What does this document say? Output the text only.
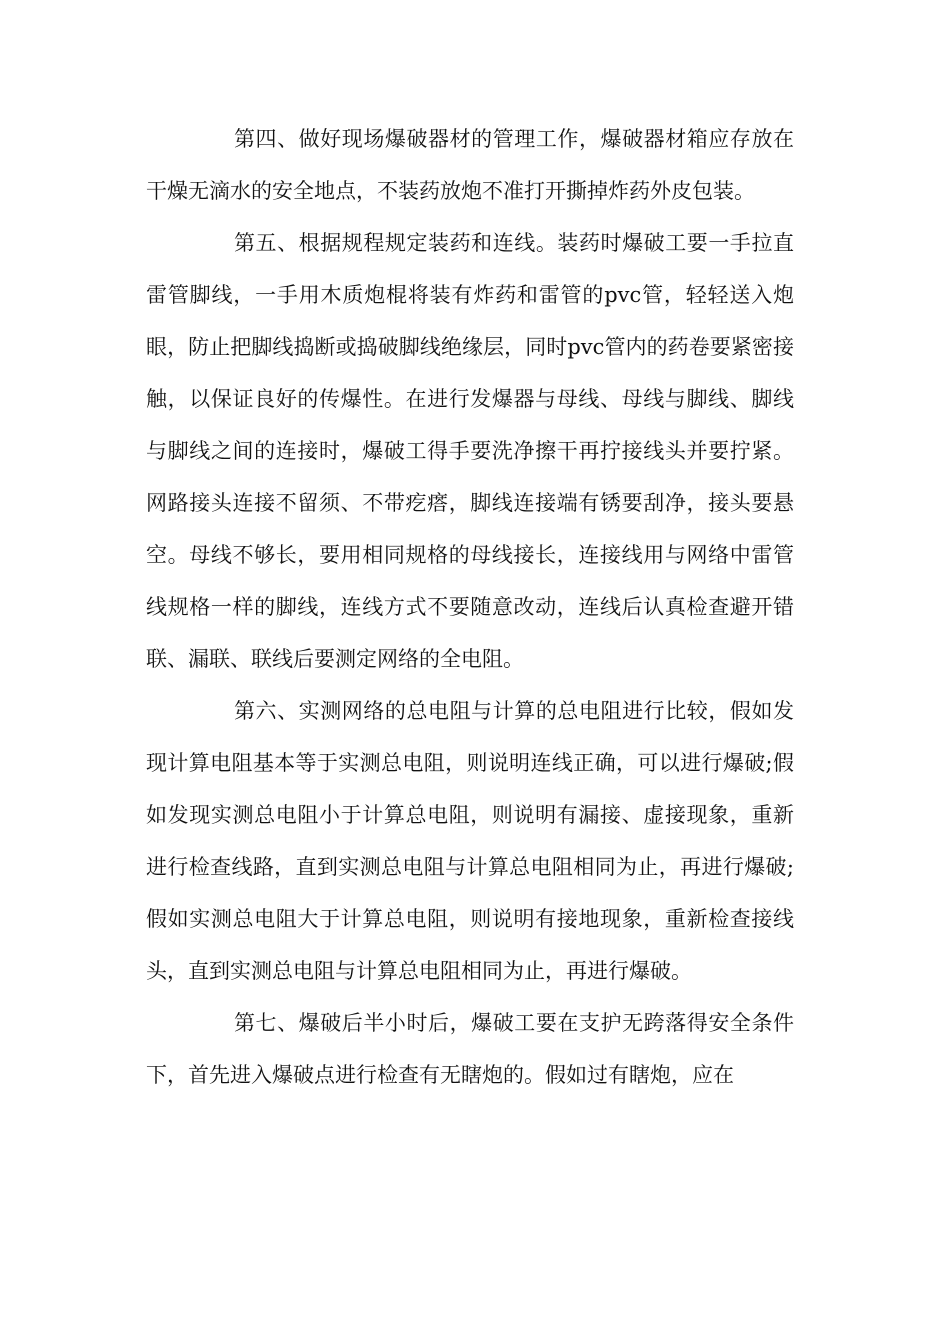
第四、做好现场爆破器材的管理工作，爆破器材箱应存放在干燥无滴水的安全地点，不装药放炮不准打开撕掉炸药外皮包装。

第五、根据规程规定装药和连线。装药时爆破工要一手拉直雷管脚线，一手用木质炮棍将装有炸药和雷管的pvc管，轻轻送入炮眼，防止把脚线捣断或捣破脚线绝缘层，同时pvc管内的药卷要紧密接触，以保证良好的传爆性。在进行发爆器与母线、母线与脚线、脚线与脚线之间的连接时，爆破工得手要洗净擦干再拧接线头并要拧紧。网路接头连接不留须、不带疙瘩，脚线连接端有锈要刮净，接头要悬空。母线不够长，要用相同规格的母线接长，连接线用与网络中雷管线规格一样的脚线，连线方式不要随意改动，连线后认真检查避开错联、漏联、联线后要测定网络的全电阻。

第六、实测网络的总电阻与计算的总电阻进行比较，假如发现计算电阻基本等于实测总电阻，则说明连线正确，可以进行爆破;假如发现实测总电阻小于计算总电阻，则说明有漏接、虚接现象，重新进行检查线路，直到实测总电阻与计算总电阻相同为止，再进行爆破;假如实测总电阻大于计算总电阻，则说明有接地现象，重新检查接线头，直到实测总电阻与计算总电阻相同为止，再进行爆破。

第七、爆破后半小时后，爆破工要在支护无跨落得安全条件下，首先进入爆破点进行检查有无瞎炮的。假如过有瞎炮，应在
